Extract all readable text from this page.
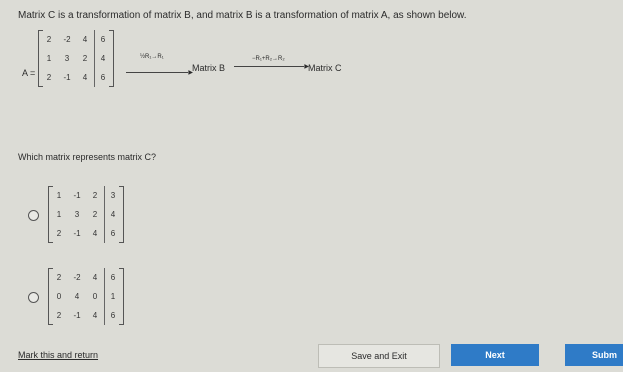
Matrix C is a transformation of matrix B, and matrix B is a transformation of matrix A, as shown below.
A =
2 -2 4 6
1 3 2 4
2 -1 4 6
½R₁→R₁
▶ Matrix B
−R₁+R₂→R₂
▶ Matrix C
Which matrix represents matrix C?
1 -1 2 3
1 3 2 4
2 -1 4 6
2 -2 4 6
0 4 0 1
2 -1 4 6
Mark this and return	Save and Exit	Next	Subm
